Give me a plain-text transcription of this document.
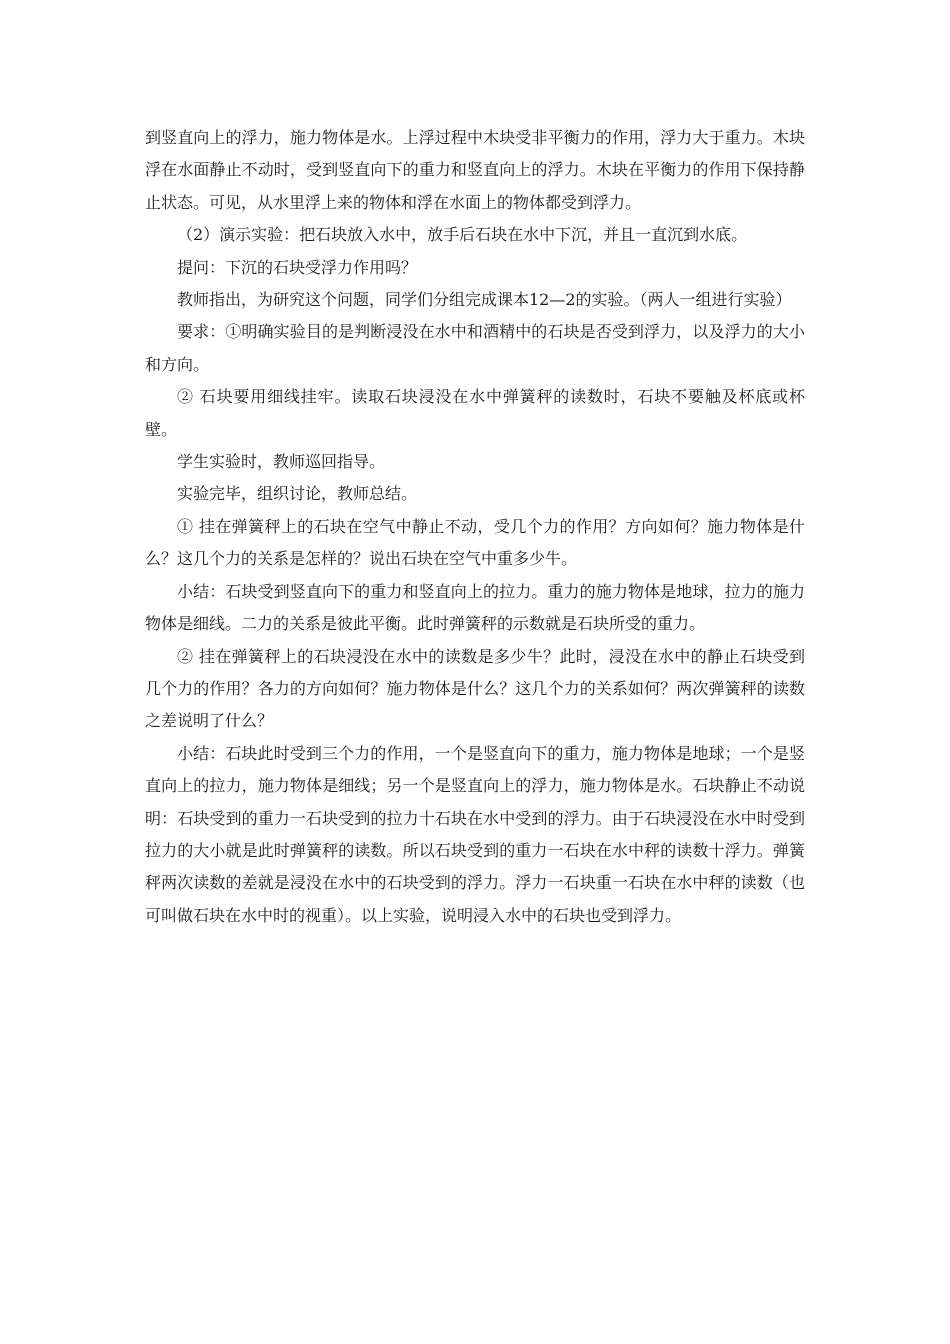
到竖直向上的浮力，施力物体是水。上浮过程中木块受非平衡力的作用，浮力大于重力。木块浮在水面静止不动时，受到竖直向下的重力和竖直向上的浮力。木块在平衡力的作用下保持静止状态。可见，从水里浮上来的物体和浮在水面上的物体都受到浮力。

（2）演示实验：把石块放入水中，放手后石块在水中下沉，并且一直沉到水底。

提问：下沉的石块受浮力作用吗？

教师指出，为研究这个问题，同学们分组完成课本12—2的实验。（两人一组进行实验）

要求：①明确实验目的是判断浸没在水中和酒精中的石块是否受到浮力，以及浮力的大小和方向。

② 石块要用细线挂牢。读取石块浸没在水中弹簧秤的读数时，石块不要触及杯底或杯壁。

学生实验时，教师巡回指导。

实验完毕，组织讨论，教师总结。

① 挂在弹簧秤上的石块在空气中静止不动，受几个力的作用？方向如何？施力物体是什么？这几个力的关系是怎样的？说出石块在空气中重多少牛。

小结：石块受到竖直向下的重力和竖直向上的拉力。重力的施力物体是地球，拉力的施力物体是细线。二力的关系是彼此平衡。此时弹簧秤的示数就是石块所受的重力。

② 挂在弹簧秤上的石块浸没在水中的读数是多少牛？此时，浸没在水中的静止石块受到几个力的作用？各力的方向如何？施力物体是什么？这几个力的关系如何？两次弹簧秤的读数之差说明了什么？

小结：石块此时受到三个力的作用，一个是竖直向下的重力，施力物体是地球；一个是竖直向上的拉力，施力物体是细线；另一个是竖直向上的浮力，施力物体是水。石块静止不动说明：石块受到的重力一石块受到的拉力十石块在水中受到的浮力。由于石块浸没在水中时受到拉力的大小就是此时弹簧秤的读数。所以石块受到的重力一石块在水中秤的读数十浮力。弹簧秤两次读数的差就是浸没在水中的石块受到的浮力。浮力一石块重一石块在水中秤的读数（也可叫做石块在水中时的视重）。以上实验，说明浸入水中的石块也受到浮力。
